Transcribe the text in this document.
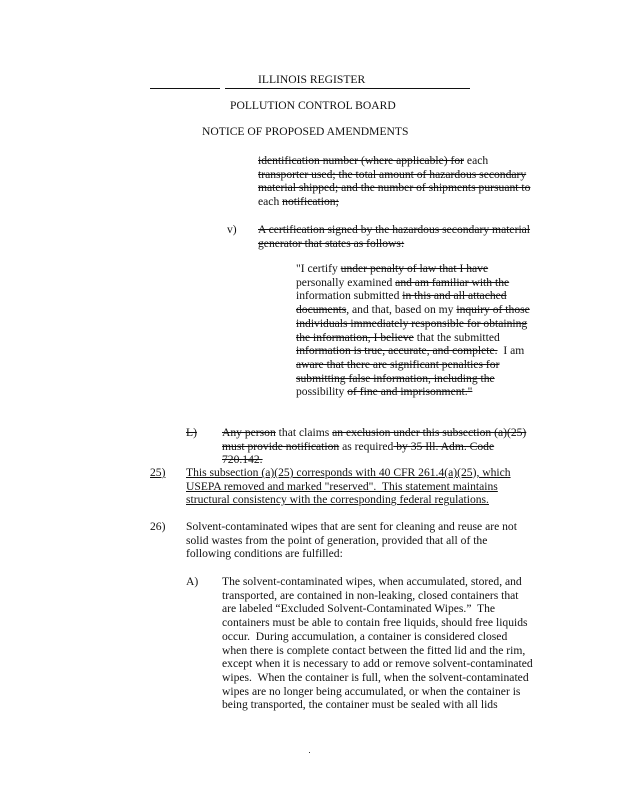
ILLINOIS REGISTER
POLLUTION CONTROL BOARD
NOTICE OF PROPOSED AMENDMENTS
identification number (where applicable) for each
transporter used; the total amount of hazardous secondary
material shipped; and the number of shipments pursuant to
each notification;
v) A certification signed by the hazardous secondary material
generator that states as follows:
"I certify under penalty of law that I have
personally examined and am familiar with the
information submitted in this and all attached
documents, and that, based on my inquiry of those
individuals immediately responsible for obtaining
the information, I believe that the submitted
information is true, accurate, and complete.  I am
aware that there are significant penalties for
submitting false information, including the
possibility of fine and imprisonment."
L) Any person that claims an exclusion under this subsection (a)(25)
must provide notification as required by 35 Ill. Adm. Code
720.142.
25) This subsection (a)(25) corresponds with 40 CFR 261.4(a)(25), which
USEPA removed and marked "reserved".  This statement maintains
structural consistency with the corresponding federal regulations.
26) Solvent-contaminated wipes that are sent for cleaning and reuse are not
solid wastes from the point of generation, provided that all of the
following conditions are fulfilled:
A) The solvent-contaminated wipes, when accumulated, stored, and
transported, are contained in non-leaking, closed containers that
are labeled “Excluded Solvent-Contaminated Wipes.”  The
containers must be able to contain free liquids, should free liquids
occur.  During accumulation, a container is considered closed
when there is complete contact between the fitted lid and the rim,
except when it is necessary to add or remove solvent-contaminated
wipes.  When the container is full, when the solvent-contaminated
wipes are no longer being accumulated, or when the container is
being transported, the container must be sealed with all lids
